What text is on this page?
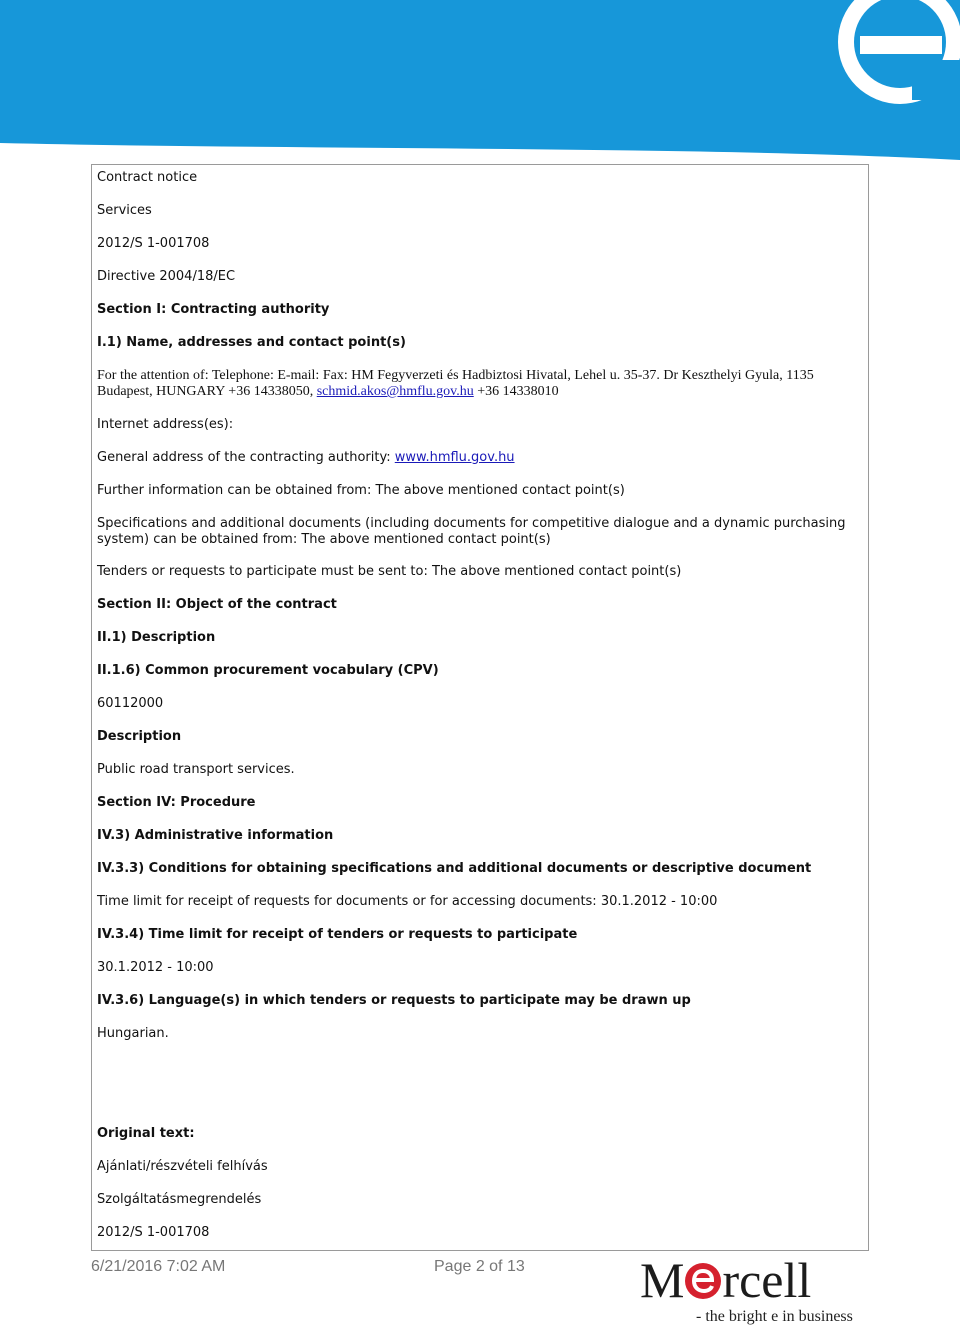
Contract notice
Services
2012/S 1-001708
Directive 2004/18/EC
Section I: Contracting authority
I.1) Name, addresses and contact point(s)
For the attention of: Telephone: E-mail: Fax: HM Fegyverzeti és Hadbiztosi Hivatal, Lehel u. 35-37. Dr Keszthelyi Gyula, 1135 Budapest, HUNGARY +36 14338050, schmid.akos@hmflu.gov.hu +36 14338010
Internet address(es):
General address of the contracting authority: www.hmflu.gov.hu
Further information can be obtained from: The above mentioned contact point(s)
Specifications and additional documents (including documents for competitive dialogue and a dynamic purchasing system) can be obtained from: The above mentioned contact point(s)
Tenders or requests to participate must be sent to: The above mentioned contact point(s)
Section II: Object of the contract
II.1) Description
II.1.6) Common procurement vocabulary (CPV)
60112000
Description
Public road transport services.
Section IV: Procedure
IV.3) Administrative information
IV.3.3) Conditions for obtaining specifications and additional documents or descriptive document
Time limit for receipt of requests for documents or for accessing documents: 30.1.2012 - 10:00
IV.3.4) Time limit for receipt of tenders or requests to participate
30.1.2012 - 10:00
IV.3.6) Language(s) in which tenders or requests to participate may be drawn up
Hungarian.
Original text:
Ajánlati/részvételi felhívás
Szolgáltatásmegrendelés
2012/S 1-001708
6/21/2016 7:02 AM	Page 2 of 13 M rcell
- the bright e in business
